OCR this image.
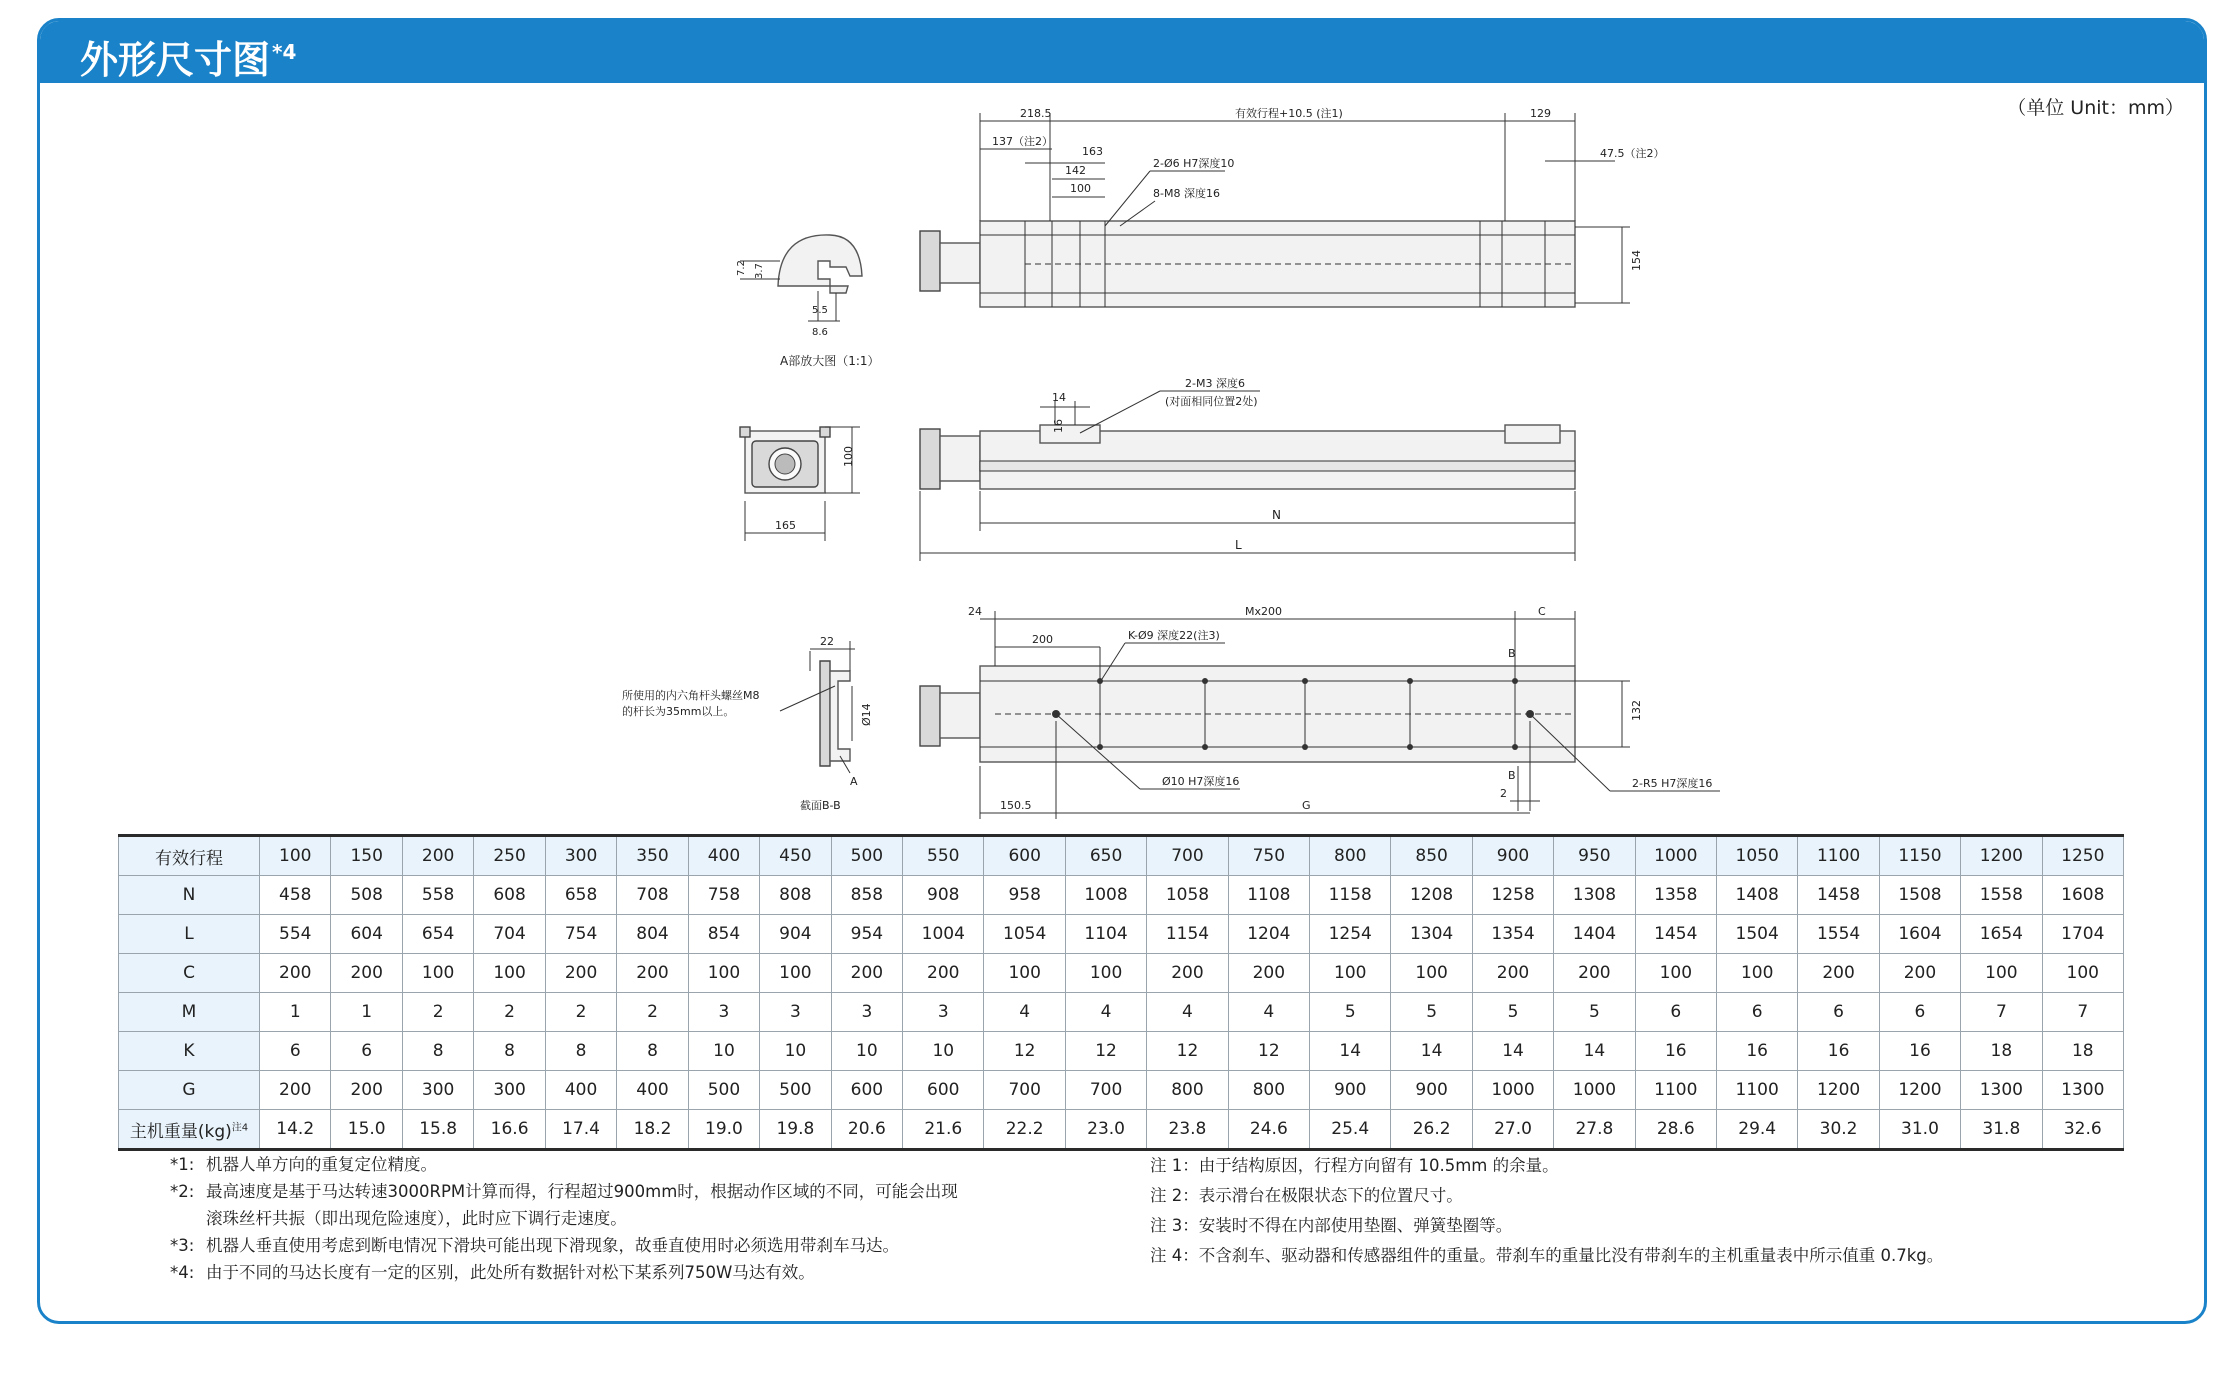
外形尺寸图 $^{*4}$
（单位 Unit：mm）
218.5	有效行程+10.5 (注1)	129
137（注2）
163
142
100
47.5（注2）
2-Ø6 H7深度10
8-M8 深度16
154
7.2 3.7
5.5
8.6
A部放大图（1:1）
100
165
14
16
2-M3 深度6
(对面相同位置2处)
N
L
24	Mx200	C
200	K-Ø9 深度22(注3)
B
B
132
Ø10 H7深度16	2-R5 H7深度16
2
150.5	G
22
Ø14
所使用的内六角杆头螺丝M8
的杆长为35mm以上。
A
截面B-B
有效行程	100	150	200	250	300	350	400	450	500	550	600	650	700	750	800	850	900	950	1000	1050	1100	1150	1200	1250
N	458	508	558	608	658	708	758	808	858	908	958	1008	1058	1108	1158	1208	1258	1308	1358	1408	1458	1508	1558	1608
L	554	604	654	704	754	804	854	904	954	1004	1054	1104	1154	1204	1254	1304	1354	1404	1454	1504	1554	1604	1654	1704
C	200	200	100	100	200	200	100	100	200	200	100	100	200	200	100	100	200	200	100	100	200	200	100	100
M	1	1	2	2	2	2	3	3	3	3	4	4	4	4	5	5	5	5	6	6	6	6	7	7
K	6	6	8	8	8	8	10	10	10	10	12	12	12	12	14	14	14	14	16	16	16	16	18	18
G	200	200	300	300	400	400	500	500	600	600	700	700	800	800	900	900	1000	1000	1100	1100	1200	1200	1300	1300
主机重量(kg)$^{注4}$	14.2	15.0	15.8	16.6	17.4	18.2	19.0	19.8	20.6	21.6	22.2	23.0	23.8	24.6	25.4	26.2	27.0	27.8	28.6	29.4	30.2	31.0	31.8	32.6
*1: 机器人单方向的重复定位精度。
*2: 最高速度是基于马达转速3000RPM计算而得，行程超过900mm时，根据动作区域的不同，可能会出现
滚珠丝杆共振（即出现危险速度），此时应下调行走速度。
*3: 机器人垂直使用考虑到断电情况下滑块可能出现下滑现象，故垂直使用时必须选用带刹车马达。
*4: 由于不同的马达长度有一定的区别，此处所有数据针对松下某系列750W马达有效。
注 1：由于结构原因，行程方向留有 10.5mm 的余量。
注 2：表示滑台在极限状态下的位置尺寸。
注 3：安装时不得在内部使用垫圈、弹簧垫圈等。
注 4：不含刹车、驱动器和传感器组件的重量。带刹车的重量比没有带刹车的主机重量表中所示值重 0.7kg。
